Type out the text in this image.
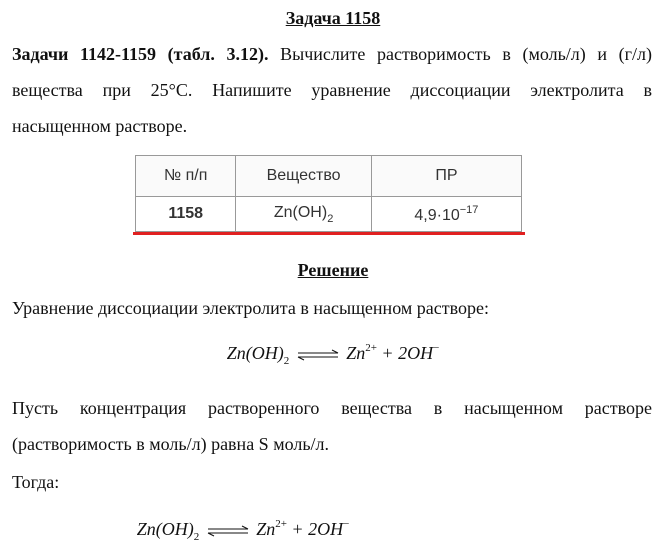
Задача 1158
Задачи 1142-1159 (табл. 3.12). Вычислите растворимость в (моль/л) и (г/л)
вещества при 25°С. Напишите уравнение диссоциации электролита в
насыщенном растворе.
№ п/п	Вещество	ПР
1158	$Zn(OH)_2$	$4,9\cdot 10^{-17}$
Решение
Уравнение диссоциации электролита в насыщенном растворе:
$Zn(OH)_2$ ⇌ $Zn^{2+} + 2OH^-$
Пусть концентрация растворенного вещества в насыщенном растворе
(растворимость в моль/л) равна S моль/л.
Тогда:
$Zn(OH)_2$ ⇌ $Zn^{2+} + 2OH^-$
